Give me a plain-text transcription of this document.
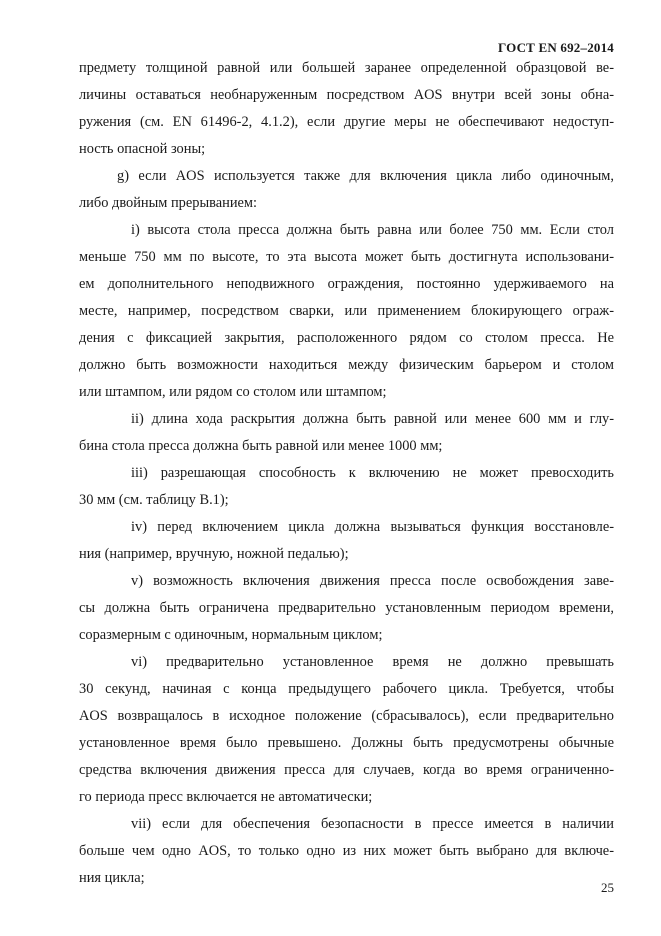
ГОСТ EN 692–2014
предмету толщиной равной или большей заранее определенной образцовой ве-
личины оставаться необнаруженным посредством AOS внутри всей зоны обна-
ружения (см. EN 61496-2, 4.1.2), если другие меры не обеспечивают недоступ-
ность опасной зоны;
g) если AOS используется также для включения цикла либо одиночным,
либо двойным прерыванием:
i) высота стола пресса должна быть равна или более 750 мм. Если стол
меньше 750 мм по высоте, то эта высота может быть достигнута использовани-
ем дополнительного неподвижного ограждения, постоянно удерживаемого на
месте, например, посредством сварки, или применением блокирующего ограж-
дения с фиксацией закрытия, расположенного рядом со столом пресса. Не
должно быть возможности находиться между физическим барьером и столом
или штампом, или рядом со столом или штампом;
ii) длина хода раскрытия должна быть равной или менее 600 мм и глу-
бина стола пресса должна быть равной или менее 1000 мм;
iii) разрешающая способность к включению не может превосходить
30 мм (см. таблицу В.1);
iv) перед включением цикла должна вызываться функция восстановле-
ния (например, вручную, ножной педалью);
v) возможность включения движения пресса после освобождения заве-
сы должна быть ограничена предварительно установленным периодом времени,
соразмерным с одиночным, нормальным циклом;
vi) предварительно установленное время не должно превышать
30 секунд, начиная с конца предыдущего рабочего цикла. Требуется, чтобы
AOS возвращалось в исходное положение (сбрасывалось), если предварительно
установленное время было превышено. Должны быть предусмотрены обычные
средства включения движения пресса для случаев, когда во время ограниченно-
го периода пресс включается не автоматически;
vii) если для обеспечения безопасности в прессе имеется в наличии
больше чем одно AOS, то только одно из них может быть выбрано для включе-
ния цикла;
25
